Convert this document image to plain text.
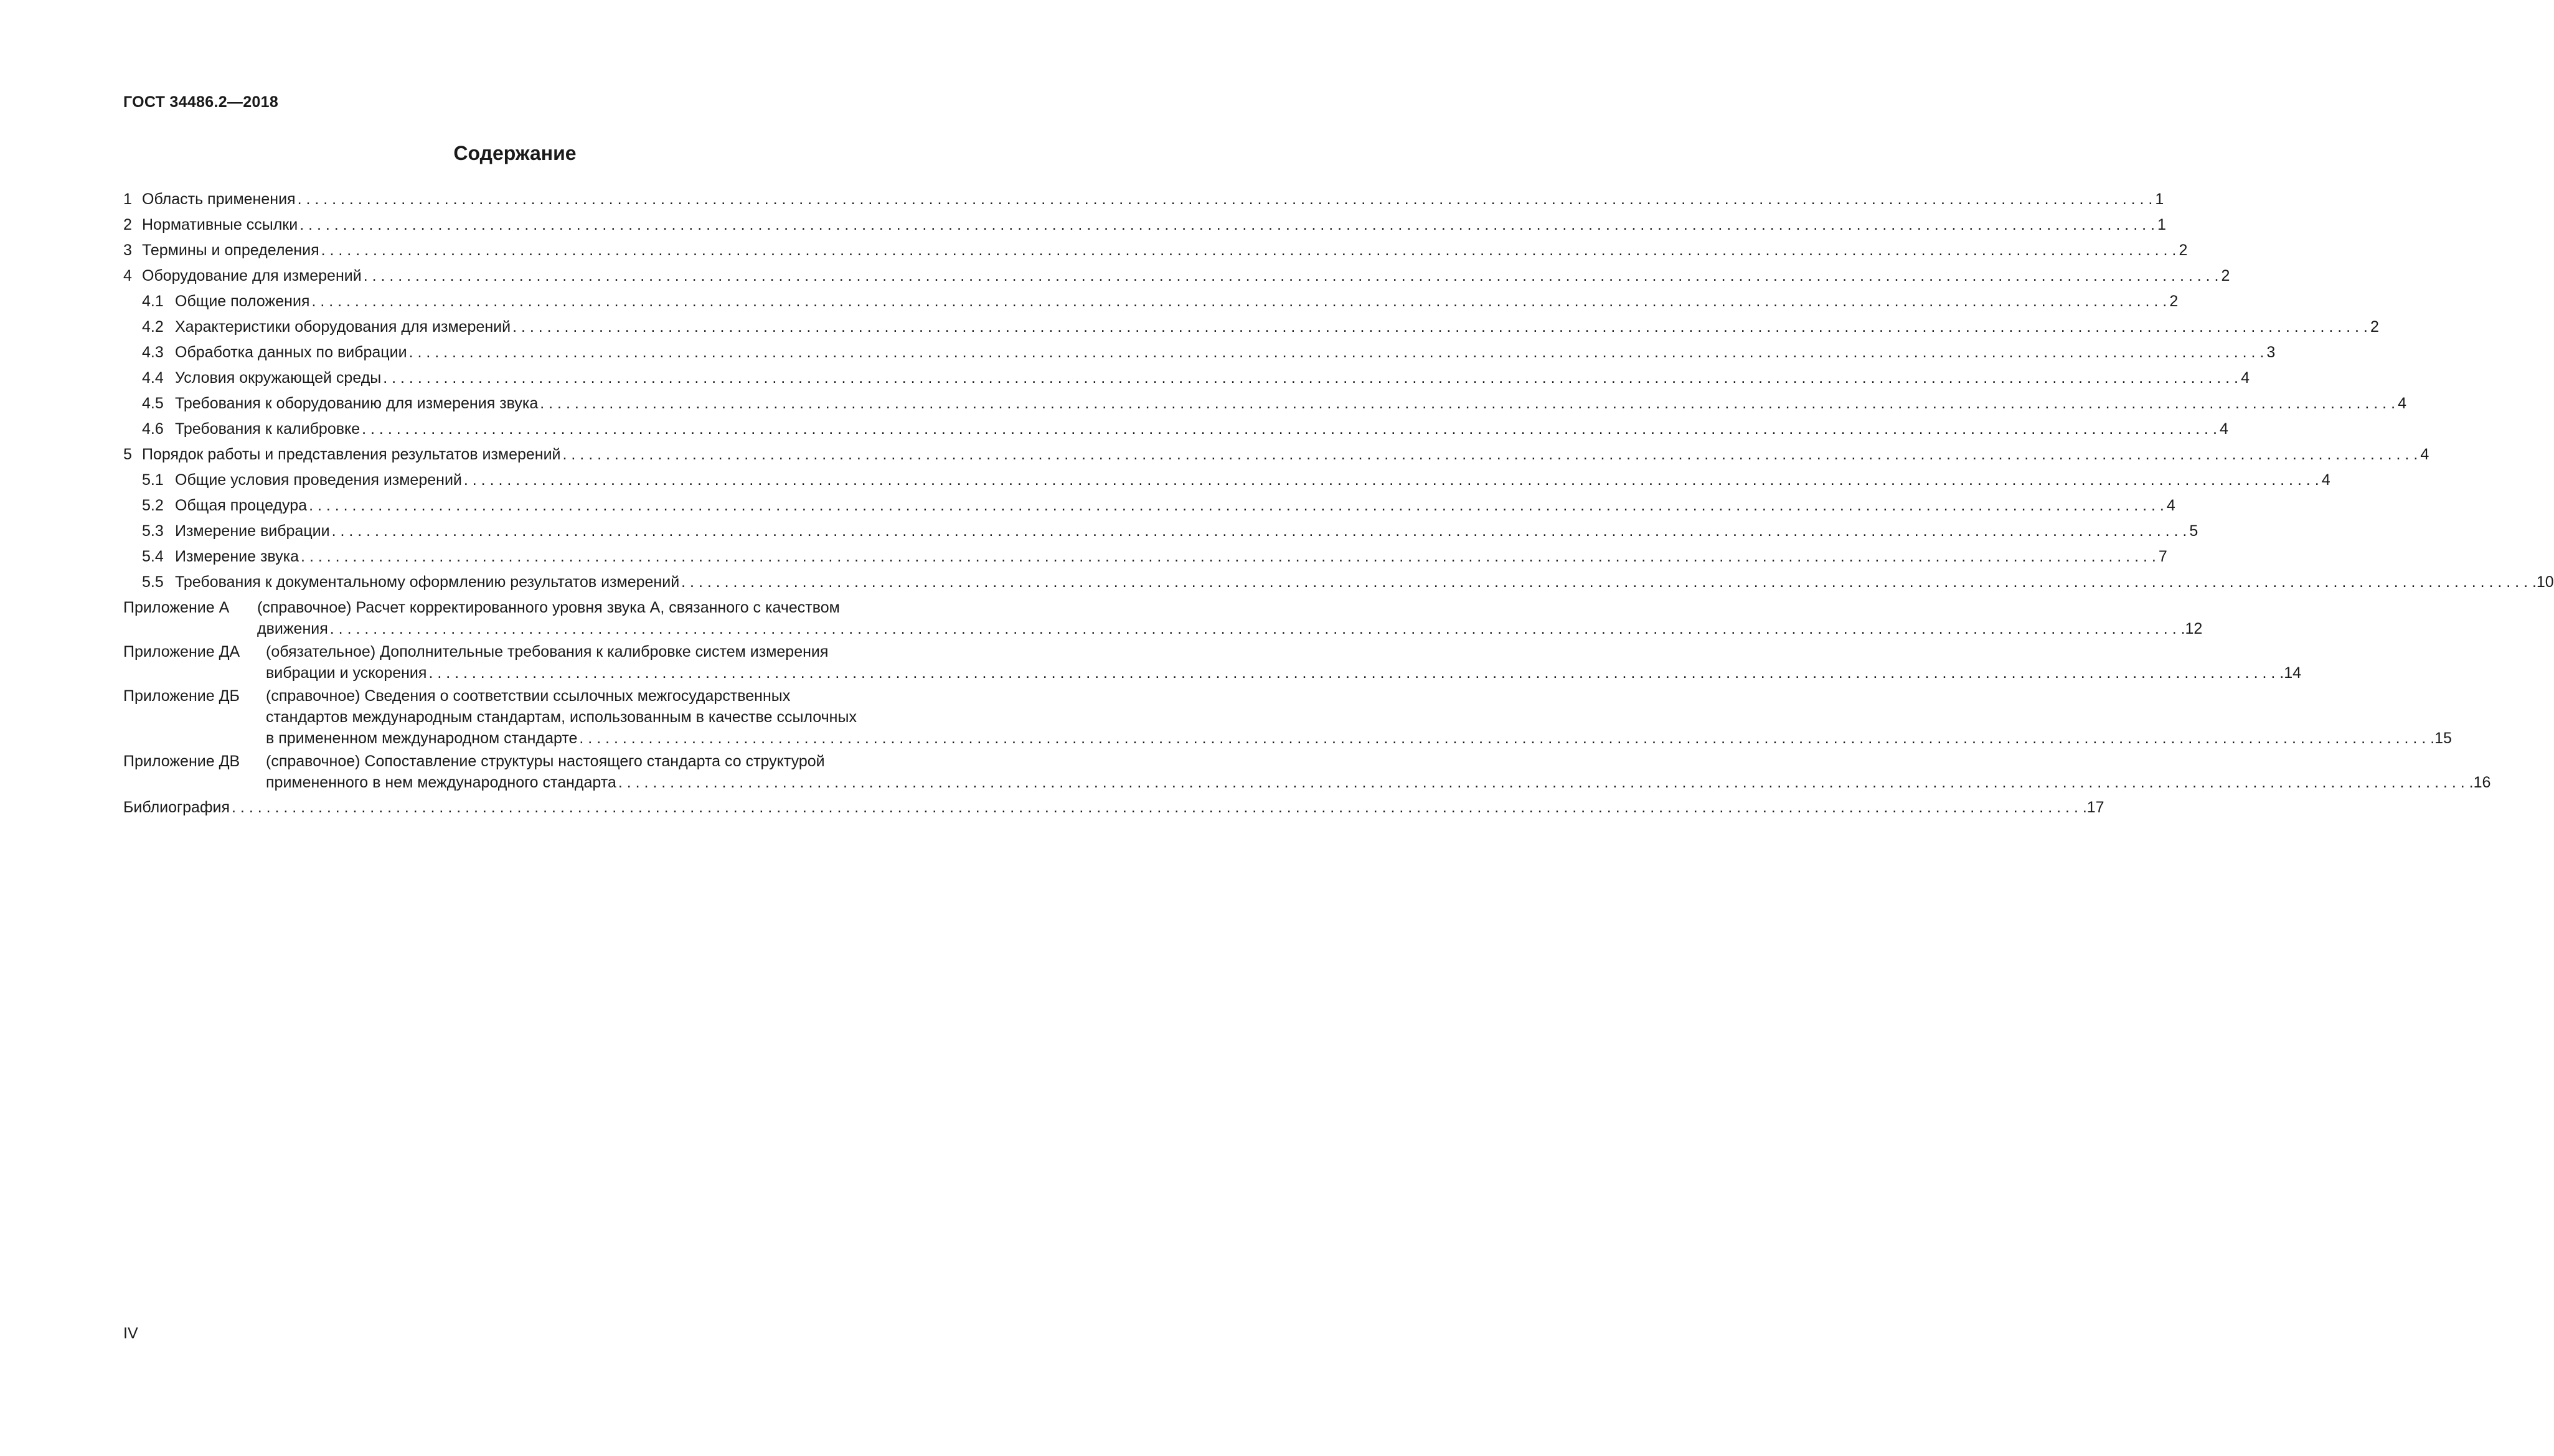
ГОСТ 34486.2—2018
Содержание
1 Область применения . . .	1
2 Нормативные ссылки . . .	1
3 Термины и определения . . .	2
4 Оборудование для измерений . . .	2
4.1 Общие положения . . .	2
4.2 Характеристики оборудования для измерений . . .	2
4.3 Обработка данных по вибрации . . .	3
4.4 Условия окружающей среды . . .	4
4.5 Требования к оборудованию для измерения звука . . .	4
4.6 Требования к калибровке . . .	4
5 Порядок работы и представления результатов измерений . . .	4
5.1 Общие условия проведения измерений . . .	4
5.2 Общая процедура . . .	4
5.3 Измерение вибрации . . .	5
5.4 Измерение звука . . .	7
5.5 Требования к документальному оформлению результатов измерений . . .	10
Приложение А	(справочное) Расчет корректированного уровня звука А, связанного с качеством
движения . . .	12
Приложение ДА	(обязательное) Дополнительные требования к калибровке систем измерения
вибрации и ускорения . . .	14
Приложение ДБ	(справочное) Сведения о соответствии ссылочных межгосударственных
стандартов международным стандартам, использованным в качестве ссылочных
в примененном международном стандарте . . .	15
Приложение ДВ	(справочное) Сопоставление структуры настоящего стандарта со структурой
примененного в нем международного стандарта . . .	16
Библиография . . .	17
IV
